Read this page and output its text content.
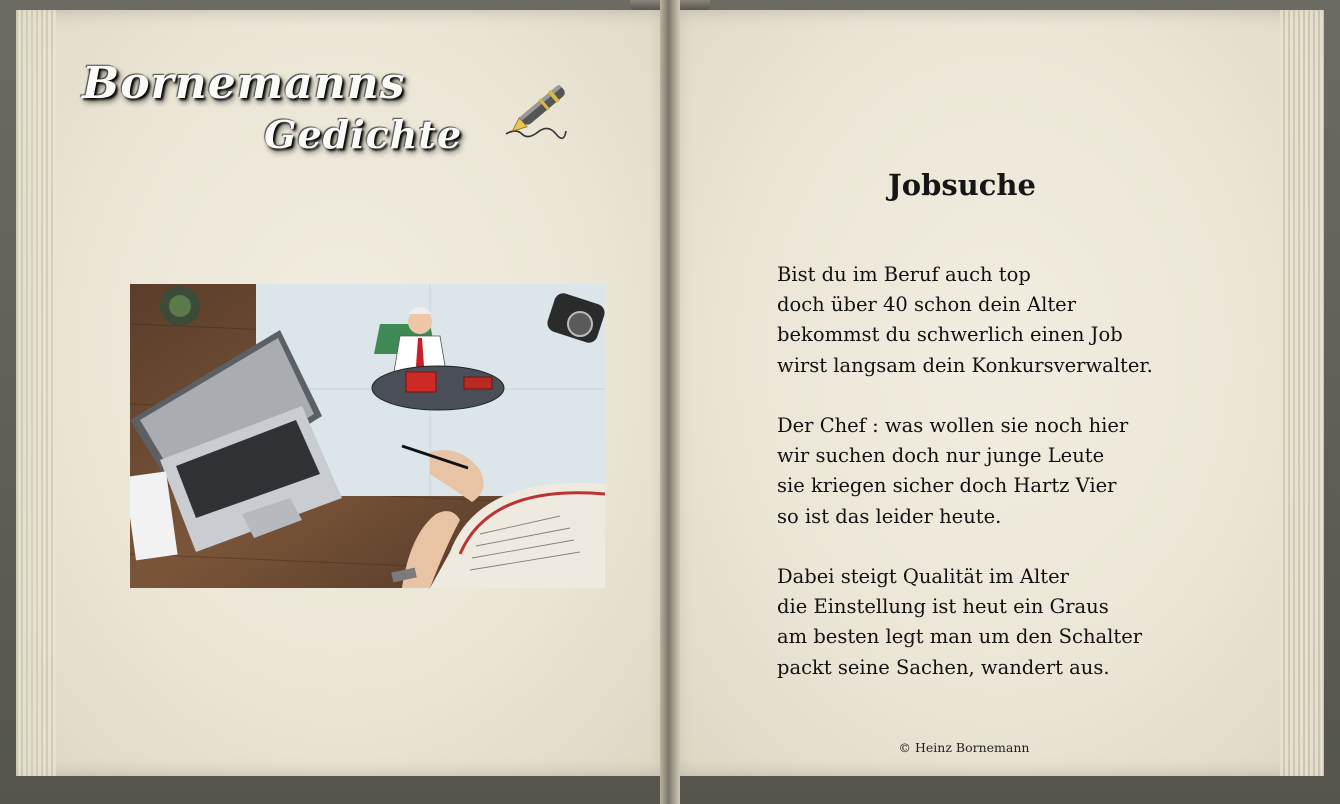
Bornemanns

Gedichte

Jobsuche

Bist du im Beruf auch top
doch über 40 schon dein Alter
bekommst du schwerlich einen Job
wirst langsam dein Konkursverwalter.

Der Chef : was wollen sie noch hier
wir suchen doch nur junge Leute
sie kriegen sicher doch Hartz Vier
so ist das leider heute.

Dabei steigt Qualität im Alter
die Einstellung ist heut ein Graus
am besten legt man um den Schalter
packt seine Sachen, wandert aus.

© Heinz Bornemann
